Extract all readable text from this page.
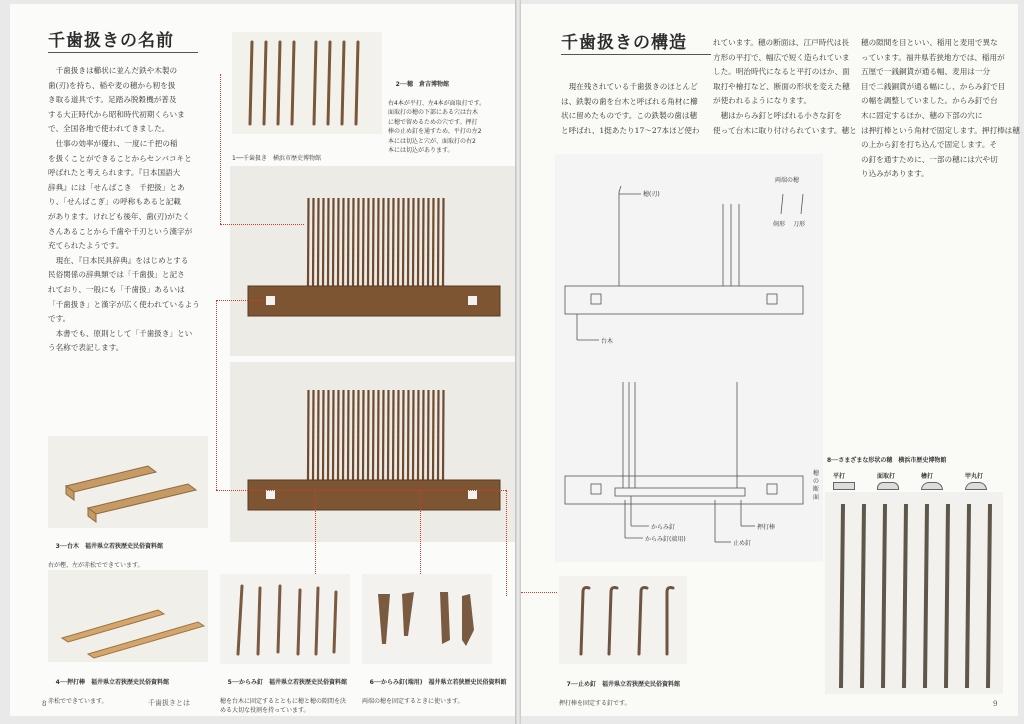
千歯扱きの名前
　千歯扱きは櫛状に並んだ鉄や木製の
歯(刃)を持ち、稲や麦の穂から籾を扱
き取る道具です。足踏み脱穀機が普及
する大正時代から昭和時代初期くらいま
で、全国各地で使われてきました。
　仕事の効率が優れ、一度に千把の稲
を扱くことができることからセンバコキと
呼ばれたと考えられます。『日本国語大
辞典』には「せんばこき　千把扱」とあ
り、「せんばこぎ」の呼称もあると記載
があります。けれども後年、歯(刃)がたく
さんあることから千歯や千刃という漢字が
充てられたようです。
　現在、『日本民具辞典』をはじめとする
民俗関係の辞典類では「千歯扱」と記さ
れており、一般にも「千歯扱」あるいは
「千歯扱き」と漢字が広く使われているよう
です。
　本書でも、原則として「千歯扱き」とい
う名称で表記します。

2──穂　倉吉博物館

右4本が平打、左4本が面取打です。
面取打の穂の下部にある穴は台木
に穂で留めるための穴です。押打
棒の止め釘を通すため、平打の左2
本には切込と穴が、面取打の右2
本には切込があります。

1──千歯扱き　横浜市歴史博物館

3──台木　福井県立若狭歴史民俗資料館

右が樫、左が赤松でできています。

4──押打棒　福井県立若狭歴史民俗資料館

赤松でできています。

5──からみ釘　福井県立若狭歴史民俗資料館

穂を台木に固定するとともに穂と穂の隙間を決
める大切な役割を持っています。

6──からみ釘(端用)　福井県立若狭歴史民俗資料館

両端の穂を固定するときに使います。

千歯扱きとは
8
千歯扱きの構造
　現在残されている千歯扱きのほとんど
は、鉄製の歯を台木と呼ばれる角材に櫛
状に留めたものです。この鉄製の歯は穂
と呼ばれ、1挺あたり17〜27本ほど使わ
れています。穂の断面は、江戸時代は長
方形の平打で、幅広で短く造られていま
した。明治時代になると平打のほか、面
取打や檜打など、断面の形状を変えた穂
が使われるようになります。
　穂はからみ釘と呼ばれる小さな釘を
使って台木に取り付けられています。穂と
穂の隙間を目といい、稲用と麦用で異な
っています。福井県若狭地方では、稲用が
五厘で一銭銅貨が通る幅、麦用は一分
目で二銭銅貨が通る幅にし、からみ釘で目
の幅を調整していました。からみ釘で台
木に固定するほか、穂の下部の穴に
は押打棒という角材で固定します。押打棒は穂
の上から釘を打ち込んで固定します。そ
の釘を通すために、一部の穂には穴や切
り込みがあります。
穂(刃)
両端の穂
剣形 刀形
台木
からみ釘
からみ釘(端用)
押打棒
止め釘

7──止め釘　福井県立若狭歴史民俗資料館

押打棒を固定する釘です。

8──さまざまな形状の穂　横浜市歴史博物館
穂の断面
9
平打	面取打	檜打	甲丸打
